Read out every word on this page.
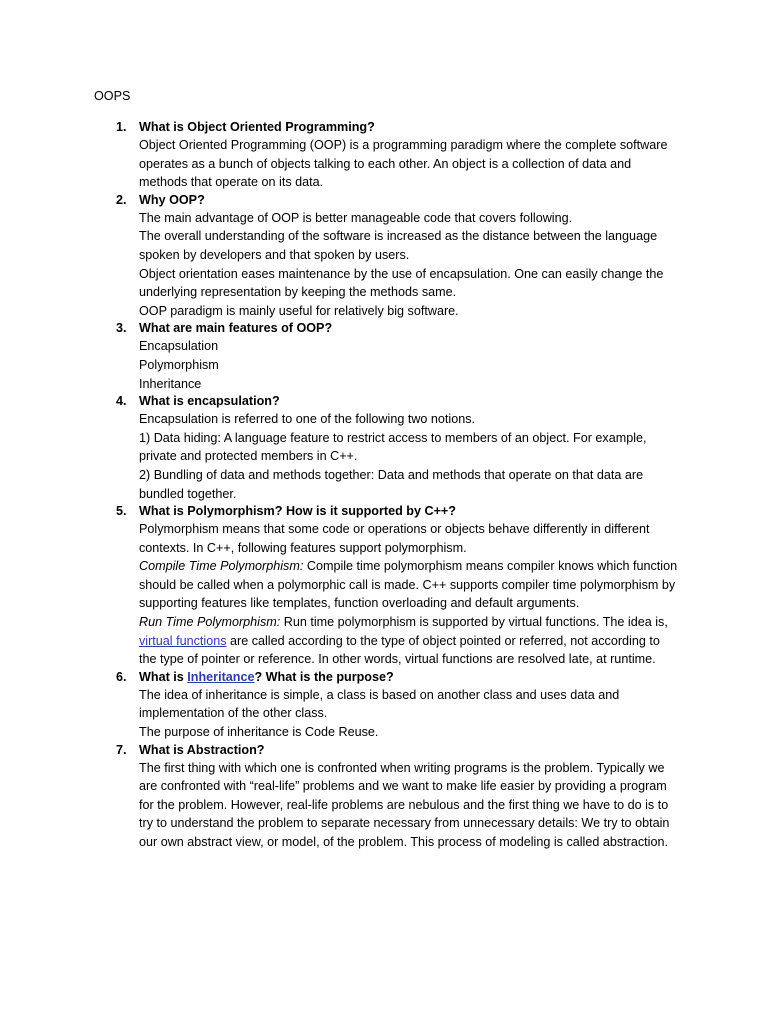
OOPS
1. What is Object Oriented Programming?

Object Oriented Programming (OOP) is a programming paradigm where the complete software operates as a bunch of objects talking to each other. An object is a collection of data and methods that operate on its data.

2. Why OOP?

The main advantage of OOP is better manageable code that covers following.

The overall understanding of the software is increased as the distance between the language spoken by developers and that spoken by users.

Object orientation eases maintenance by the use of encapsulation. One can easily change the underlying representation by keeping the methods same.

OOP paradigm is mainly useful for relatively big software.

3. What are main features of OOP?

Encapsulation

Polymorphism

Inheritance

4. What is encapsulation?

Encapsulation is referred to one of the following two notions.

1) Data hiding: A language feature to restrict access to members of an object. For example, private and protected members in C++.

2) Bundling of data and methods together: Data and methods that operate on that data are bundled together.

5. What is Polymorphism? How is it supported by C++?

Polymorphism means that some code or operations or objects behave differently in different contexts. In C++, following features support polymorphism.

Compile Time Polymorphism: Compile time polymorphism means compiler knows which function should be called when a polymorphic call is made. C++ supports compiler time polymorphism by supporting features like templates, function overloading and default arguments.

Run Time Polymorphism: Run time polymorphism is supported by virtual functions. The idea is, virtual functions are called according to the type of object pointed or referred, not according to the type of pointer or reference. In other words, virtual functions are resolved late, at runtime.

6. What is Inheritance? What is the purpose?

The idea of inheritance is simple, a class is based on another class and uses data and implementation of the other class.

The purpose of inheritance is Code Reuse.

7. What is Abstraction?

The first thing with which one is confronted when writing programs is the problem. Typically we are confronted with “real-life” problems and we want to make life easier by providing a program for the problem. However, real-life problems are nebulous and the first thing we have to do is to try to understand the problem to separate necessary from unnecessary details: We try to obtain our own abstract view, or model, of the problem. This process of modeling is called abstraction.
